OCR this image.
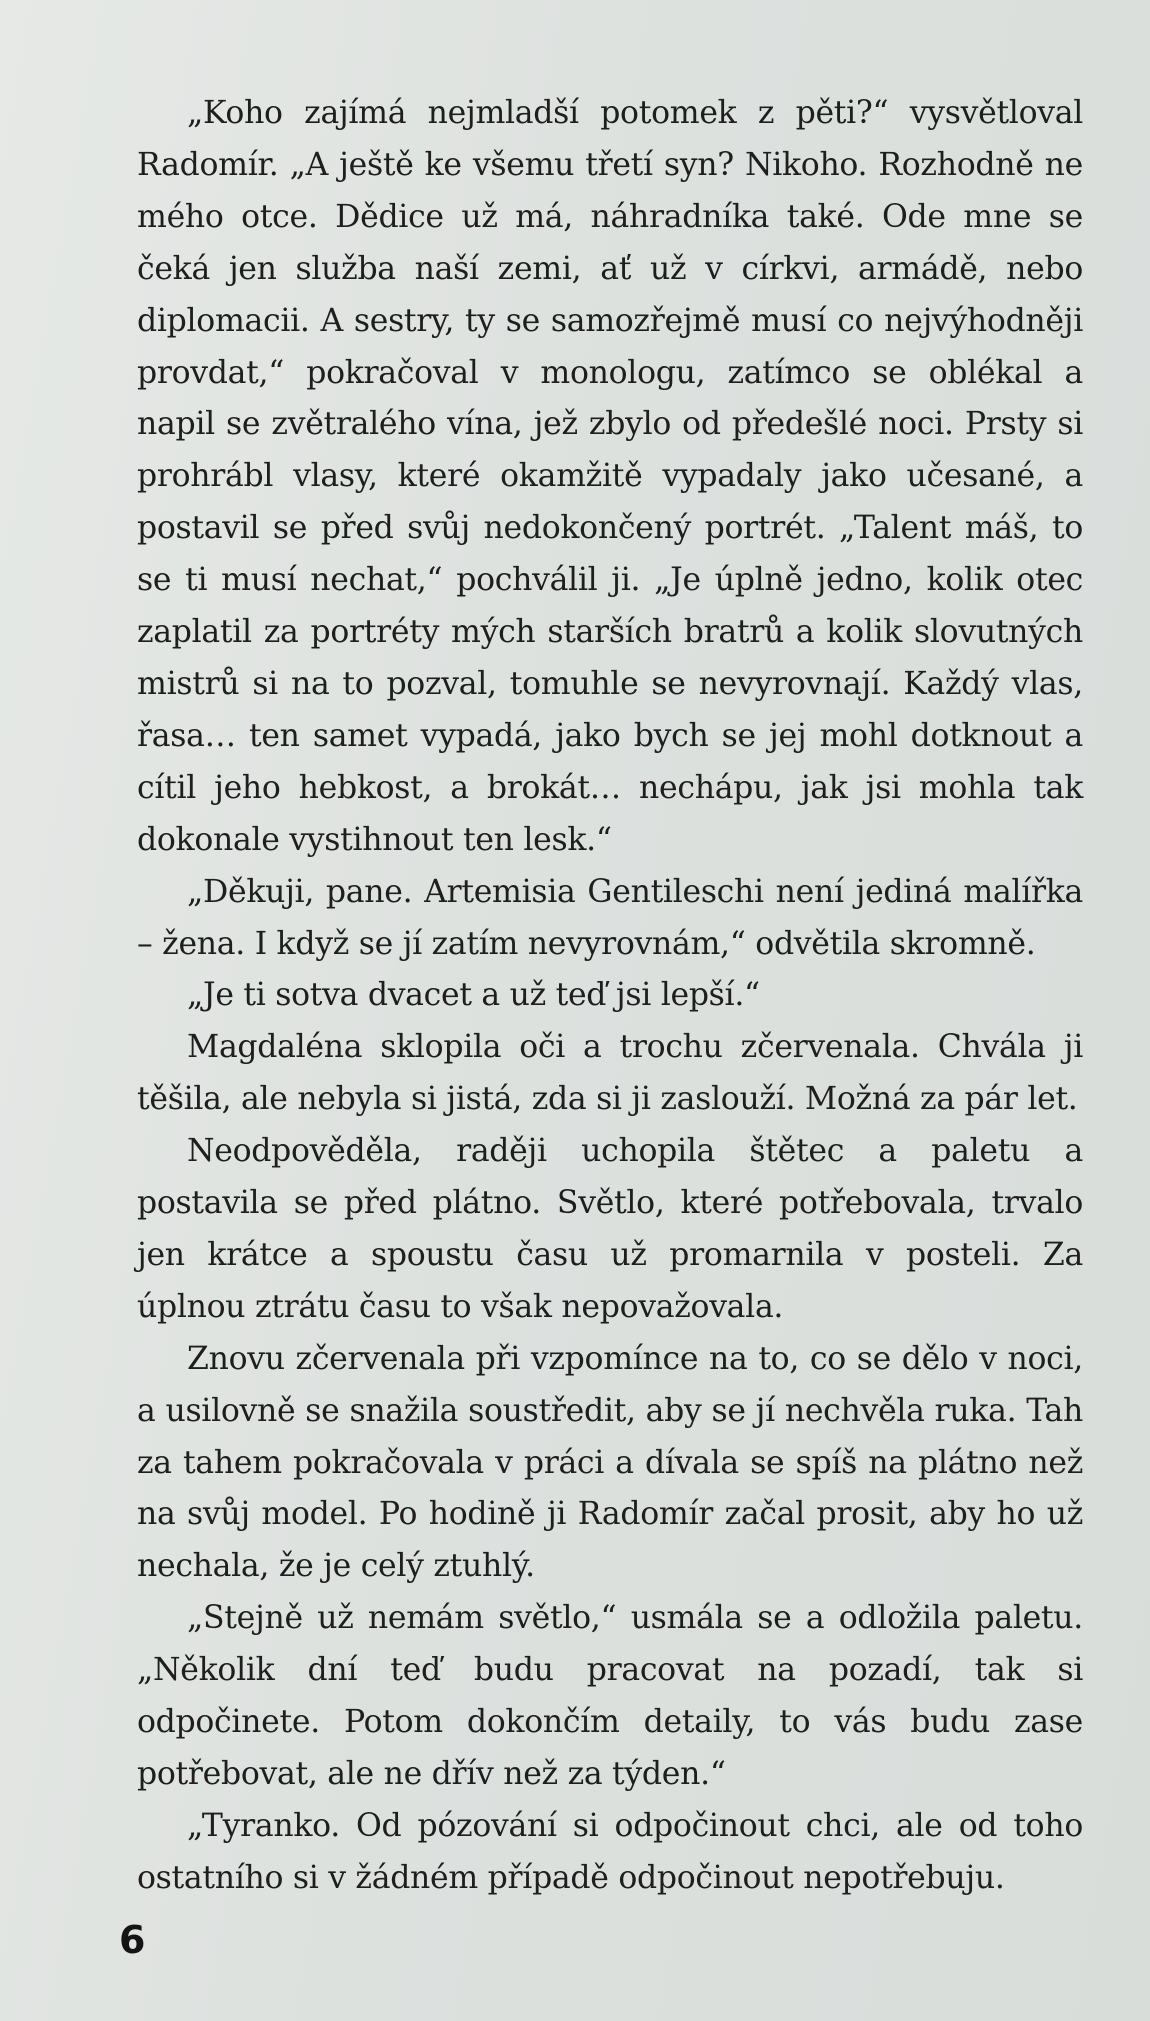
„Koho zajímá nejmladší potomek z pěti?“ vysvětloval Radomír. „A ještě ke všemu třetí syn? Nikoho. Rozhodně ne mého otce. Dědice už má, náhradníka také. Ode mne se čeká jen služba naší zemi, ať už v církvi, armádě, nebo diplomacii. A sestry, ty se samozřejmě musí co nejvýhodněji provdat,“ pokračoval v monologu, zatímco se oblékal a napil se zvětralého vína, jež zbylo od předešlé noci. Prsty si prohrábl vlasy, které okamžitě vypadaly jako učesané, a postavil se před svůj nedokončený portrét. „Talent máš, to se ti musí nechat,“ pochválil ji. „Je úplně jedno, kolik otec zaplatil za portréty mých starších bratrů a kolik slovutných mistrů si na to pozval, tomuhle se nevyrovnají. Každý vlas, řasa… ten samet vypadá, jako bych se jej mohl dotknout a cítil jeho hebkost, a brokát… nechápu, jak jsi mohla tak dokonale vystihnout ten lesk.“

„Děkuji, pane. Artemisia Gentileschi není jediná malířka – žena. I když se jí zatím nevyrovnám,“ odvětila skromně.

„Je ti sotva dvacet a už teď jsi lepší.“

Magdaléna sklopila oči a trochu zčervenala. Chvála ji těšila, ale nebyla si jistá, zda si ji zaslouží. Možná za pár let.

Neodpověděla, raději uchopila štětec a paletu a postavila se před plátno. Světlo, které potřebovala, trvalo jen krátce a spoustu času už promarnila v posteli. Za úplnou ztrátu času to však nepovažovala.

Znovu zčervenala při vzpomínce na to, co se dělo v noci, a usilovně se snažila soustředit, aby se jí nechvěla ruka. Tah za tahem pokračovala v práci a dívala se spíš na plátno než na svůj model. Po hodině ji Radomír začal prosit, aby ho už nechala, že je celý ztuhlý.

„Stejně už nemám světlo,“ usmála se a odložila paletu. „Několik dní teď budu pracovat na pozadí, tak si odpočinete. Potom dokončím detaily, to vás budu zase potřebovat, ale ne dřív než za týden.“

„Tyranko. Od pózování si odpočinout chci, ale od toho ostatního si v žádném případě odpočinout nepotřebuju.

6
